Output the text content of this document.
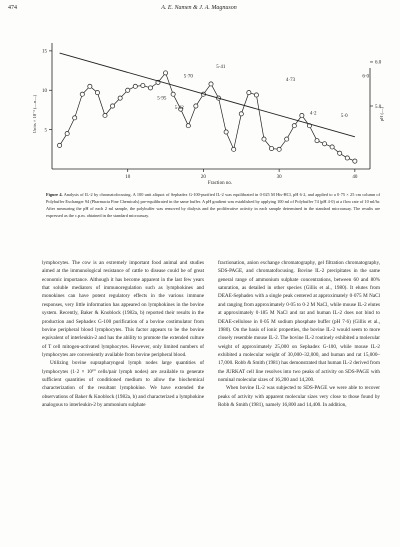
474	A. E. Namen & J. A. Magnuson
10	20	30	40
15
10
5
6.0
5.0
5·41
5·70
5·95
5·82
4·73
4·2
6·0
5·0
Fraction no.
Units × 10⁻³ (—o—)	pH (—)

Figure 4. Analysis of IL-2 by chromatofocusing. A 100 unit aliquot of Sephadex G-100-purified IL-2 was equilibrated in 0·025 M His-HCl, pH 6·2, and applied to a 0·75 × 25 cm column of Polybuffer Exchanger 94 (Pharmacia Fine Chemicals) pre-equilibrated in the same buffer. A pH gradient was established by applying 100 ml of Polybuffer 74 (pH 4·0) at a flow rate of 10 ml/hr. After measuring the pH of each 2 ml sample, the polybuffer was removed by dialysis and the proliferative activity in each sample determined in the standard microassay. The results are expressed as the c.p.m. obtained in the standard microassay.

lymphocytes. The cow is an extremely important food animal and studies aimed at the immunological resistance of cattle to disease could be of great economic importance. Although it has become apparent in the last few years that soluble mediators of immunoregulation such as lymphokines and monokines can have potent regulatory effects in the various immune responses, very little information has appeared on lymphokines in the bovine system. Recently, Baker & Knoblock (1982a, b) reported their results in the production and Sephadex G-100 purification of a bovine costimulator from bovine peripheral blood lymphocytes. This factor appears to be the bovine equivalent of interleukin-2 and has the ability to promote the extended culture of T cell mitogen-activated lymphocytes. However, only limited numbers of lymphocytes are conveniently available from bovine peripheral blood.

Utilizing bovine suprapharyngeal lymph nodes large quantities of lymphocytes (1·2 × 10¹⁰ cells/pair lymph nodes) are available to generate sufficient quantities of conditioned medium to allow the biochemical characterization of the resultant lymphokine. We have extended the observations of Baker & Knoblock (1982a, b) and characterized a lymphokine analogous to interleukin-2 by ammonium sulphate

fractionation, anion exchange chromatography, gel filtration chromatography, SDS-PAGE, and chromatofocusing. Bovine IL-2 precipitates in the same general range of ammonium sulphate concentrations, between 60 and 80% saturation, as detailed in other species (Gillis et al., 1980). It elutes from DEAE-Sephadex with a single peak centered at approximately 0·075 M NaCl and ranging from approximately 0·05 to 0·2 M NaCl, while mouse IL-2 elutes at approximately 0·185 M NaCl and rat and human IL-2 does not bind to DEAE-cellulose in 0·05 M sodium phosphate buffer (pH 7·6) (Gillis et al., 1980). On the basis of ionic properties, the bovine IL-2 would seem to more closely resemble mouse IL-2. The bovine IL-2 routinely exhibited a molecular weight of approximately 25,000 on Sephadex G-100, while mouse IL-2 exhibited a molecular weight of 30,000–32,000, and human and rat 15,000–17,000. Robb & Smith (1981) has demonstrated that human IL-2 derived from the JURKAT cell line resolves into two peaks of activity on SDS-PAGE with nominal molecular sizes of 16,200 and 14,200.

When bovine IL-2 was subjected to SDS-PAGE we were able to recover peaks of activity with apparent molecular sizes very close to those found by Robb & Smith (1981), namely 16,800 and 14,400. In addition,
